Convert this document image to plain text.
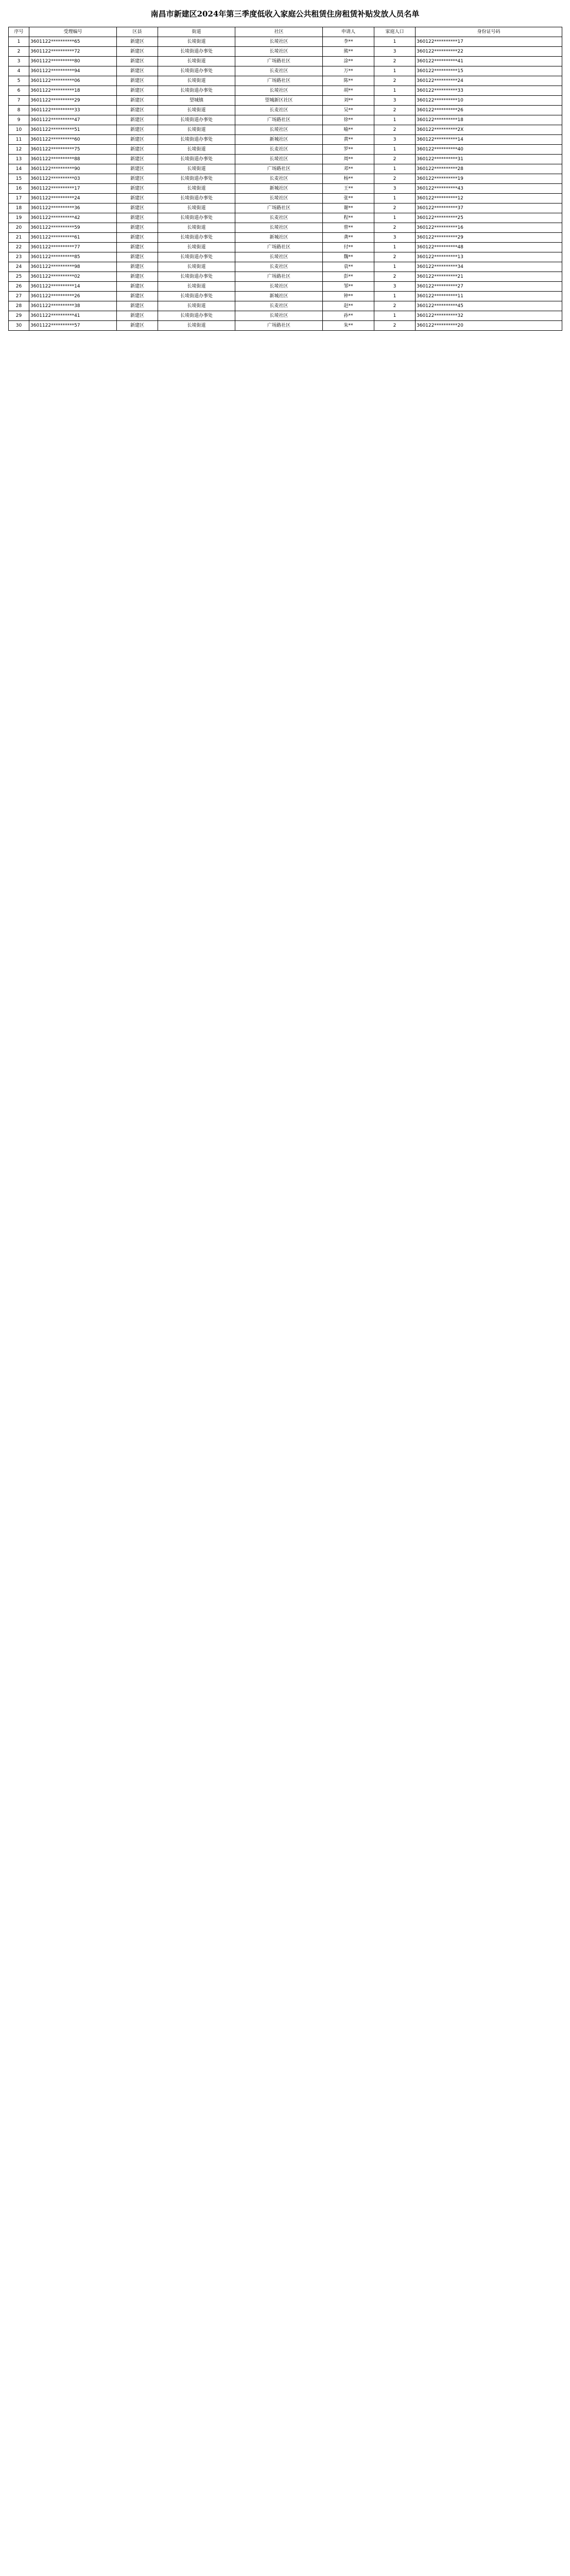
南昌市新建区2024年第三季度低收入家庭公共租赁住房租赁补贴发放人员名单
序号	受理编号	区县	街道	社区	申请人	家庭人口	身份证号码
1	3601122**********65	新建区	长堎街道	长堎社区	李**	1	360122**********17
2	3601122**********72	新建区	长堎街道办事处	长堎社区	熊**	3	360122**********22
3	3601122**********80	新建区	长堎街道	广场路社区	涂**	2	360122**********41
4	3601122**********94	新建区	长堎街道办事处	长麦社区	万**	1	360122**********15
5	3601122**********06	新建区	长堎街道	广场路社区	陈**	2	360122**********24
6	3601122**********18	新建区	长堎街道办事处	长堎社区	胡**	1	360122**********33
7	3601122**********29	新建区	望城镇	望城新区社区	刘**	3	360122**********10
8	3601122**********33	新建区	长堎街道	长麦社区	吴**	2	360122**********26
9	3601122**********47	新建区	长堎街道办事处	广场路社区	徐**	1	360122**********18
10	3601122**********51	新建区	长堎街道	长堎社区	喻**	2	360122**********2X
11	3601122**********60	新建区	长堎街道办事处	新城社区	黄**	3	360122**********14
12	3601122**********75	新建区	长堎街道	长麦社区	罗**	1	360122**********40
13	3601122**********88	新建区	长堎街道办事处	长堎社区	周**	2	360122**********31
14	3601122**********90	新建区	长堎街道	广场路社区	邓**	1	360122**********28
15	3601122**********03	新建区	长堎街道办事处	长麦社区	杨**	2	360122**********19
16	3601122**********17	新建区	长堎街道	新城社区	王**	3	360122**********43
17	3601122**********24	新建区	长堎街道办事处	长堎社区	张**	1	360122**********12
18	3601122**********36	新建区	长堎街道	广场路社区	谢**	2	360122**********37
19	3601122**********42	新建区	长堎街道办事处	长麦社区	程**	1	360122**********25
20	3601122**********59	新建区	长堎街道	长堎社区	曾**	2	360122**********16
21	3601122**********61	新建区	长堎街道办事处	新城社区	龚**	3	360122**********29
22	3601122**********77	新建区	长堎街道	广场路社区	付**	1	360122**********48
23	3601122**********85	新建区	长堎街道办事处	长堎社区	魏**	2	360122**********13
24	3601122**********98	新建区	长堎街道	长麦社区	袁**	1	360122**********34
25	3601122**********02	新建区	长堎街道办事处	广场路社区	彭**	2	360122**********21
26	3601122**********14	新建区	长堎街道	长堎社区	邹**	3	360122**********27
27	3601122**********26	新建区	长堎街道办事处	新城社区	钟**	1	360122**********11
28	3601122**********38	新建区	长堎街道	长麦社区	赵**	2	360122**********45
29	3601122**********41	新建区	长堎街道办事处	长堎社区	孙**	1	360122**********32
30	3601122**********57	新建区	长堎街道	广场路社区	朱**	2	360122**********20
